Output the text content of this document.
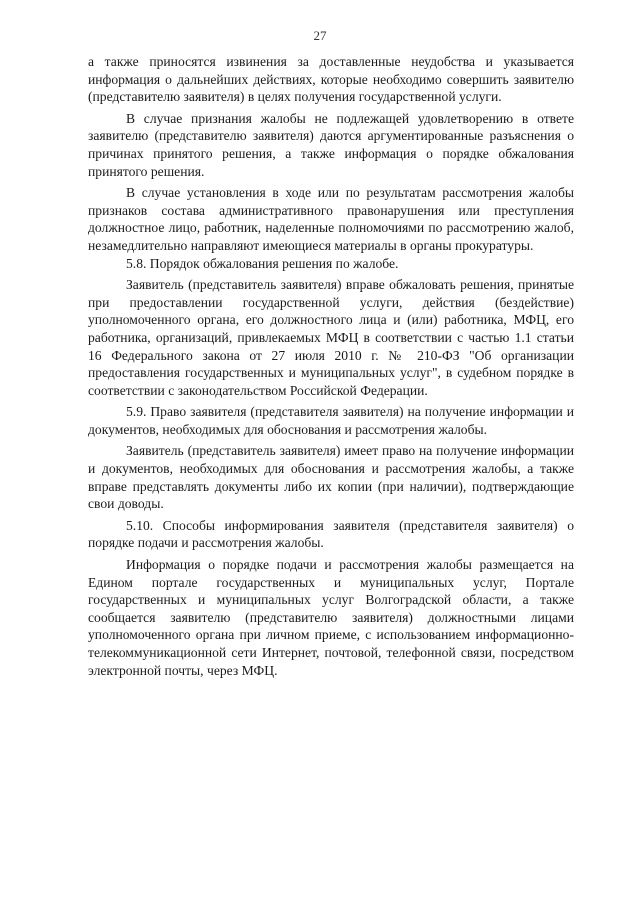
27

а также приносятся извинения за доставленные неудобства и указывается информация о дальнейших действиях, которые необходимо совершить заявителю (представителю заявителя) в целях получения государственной услуги.

В случае признания жалобы не подлежащей удовлетворению в ответе заявителю (представителю заявителя) даются аргументированные разъяснения о причинах принятого решения, а также информация о порядке обжалования принятого решения.

В случае установления в ходе или по результатам рассмотрения жалобы признаков состава административного правонарушения или преступления должностное лицо, работник, наделенные полномочиями по рассмотрению жалоб, незамедлительно направляют имеющиеся материалы в органы прокуратуры.

5.8. Порядок обжалования решения по жалобе.

Заявитель (представитель заявителя) вправе обжаловать решения, принятые при предоставлении государственной услуги, действия (бездействие) уполномоченного органа, его должностного лица и (или) работника, МФЦ, его работника, организаций, привлекаемых МФЦ в соответствии с частью 1.1 статьи 16 Федерального закона от 27 июля 2010 г. № 210-ФЗ "Об организации предоставления государственных и муниципальных услуг", в судебном порядке в соответствии с законодательством Российской Федерации.

5.9. Право заявителя (представителя заявителя) на получение информации и документов, необходимых для обоснования и рассмотрения жалобы.

Заявитель (представитель заявителя) имеет право на получение информации и документов, необходимых для обоснования и рассмотрения жалобы, а также вправе представлять документы либо их копии (при наличии), подтверждающие свои доводы.

5.10. Способы информирования заявителя (представителя заявителя) о порядке подачи и рассмотрения жалобы.

Информация о порядке подачи и рассмотрения жалобы размещается на Едином портале государственных и муниципальных услуг, Портале государственных и муниципальных услуг Волгоградской области, а также сообщается заявителю (представителю заявителя) должностными лицами уполномоченного органа при личном приеме, с использованием информационно-телекоммуникационной сети Интернет, почтовой, телефонной связи, посредством электронной почты, через МФЦ.
